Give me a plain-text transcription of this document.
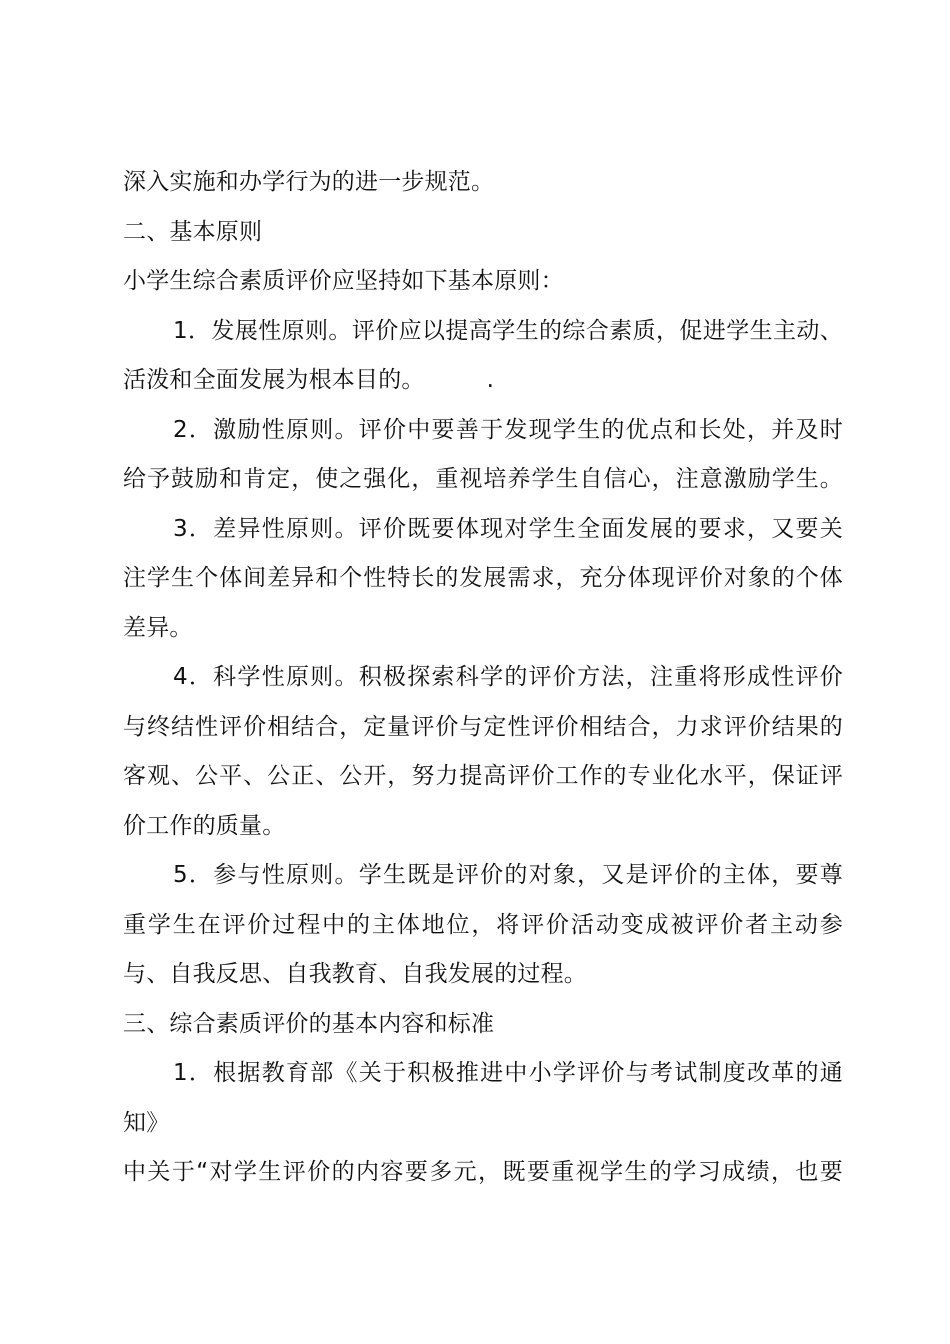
深入实施和办学行为的进一步规范。
二、基本原则
小学生综合素质评价应坚持如下基本原则：
1．发展性原则。评价应以提高学生的综合素质，促进学生主动、
活泼和全面发展为根本目的。	.
2．激励性原则。评价中要善于发现学生的优点和长处，并及时
给予鼓励和肯定，使之强化，重视培养学生自信心，注意激励学生。
3．差异性原则。评价既要体现对学生全面发展的要求，又要关
注学生个体间差异和个性特长的发展需求，充分体现评价对象的个体
差异。
4．科学性原则。积极探索科学的评价方法，注重将形成性评价
与终结性评价相结合，定量评价与定性评价相结合，力求评价结果的
客观、公平、公正、公开，努力提高评价工作的专业化水平，保证评
价工作的质量。
5．参与性原则。学生既是评价的对象，又是评价的主体，要尊
重学生在评价过程中的主体地位，将评价活动变成被评价者主动参
与、自我反思、自我教育、自我发展的过程。
三、综合素质评价的基本内容和标准
1．根据教育部《关于积极推进中小学评价与考试制度改革的通
知》
中关于“对学生评价的内容要多元，既要重视学生的学习成绩，也要
